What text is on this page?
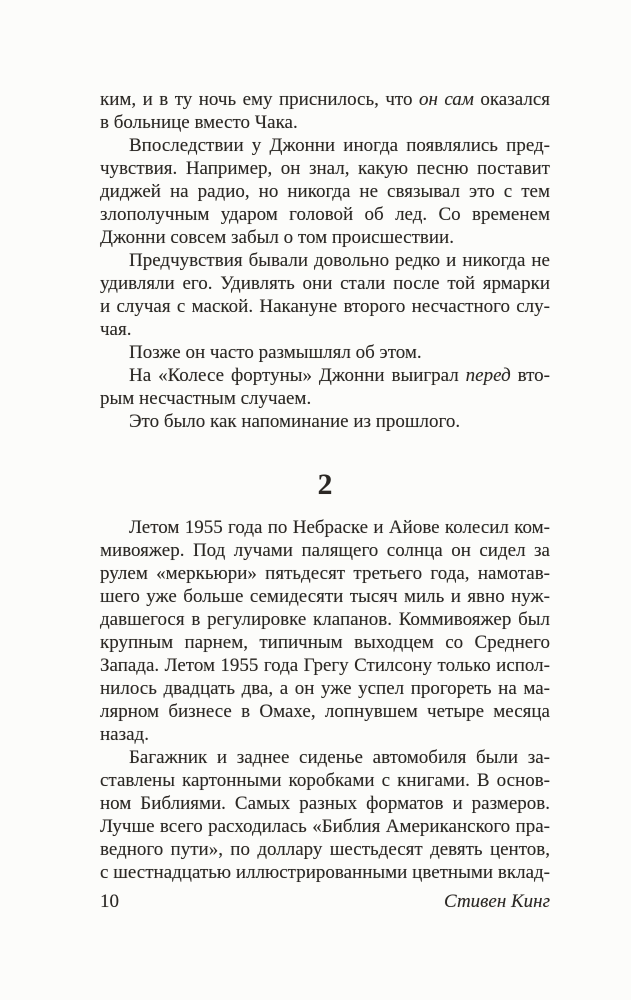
ким, и в ту ночь ему приснилось, что он сам оказался
в больнице вместо Чака.
Впоследствии у Джонни иногда появлялись пред-
чувствия. Например, он знал, какую песню поставит
диджей на радио, но никогда не связывал это с тем
злополучным ударом головой об лед. Со временем
Джонни совсем забыл о том происшествии.
Предчувствия бывали довольно редко и никогда не
удивляли его. Удивлять они стали после той ярмарки
и случая с маской. Накануне второго несчастного слу-
чая.
Позже он часто размышлял об этом.
На «Колесе фортуны» Джонни выиграл перед вто-
рым несчастным случаем.
Это было как напоминание из прошлого.
2
Летом 1955 года по Небраске и Айове колесил ком-
мивояжер. Под лучами палящего солнца он сидел за
рулем «меркьюри» пятьдесят третьего года, намотав-
шего уже больше семидесяти тысяч миль и явно нуж-
давшегося в регулировке клапанов. Коммивояжер был
крупным парнем, типичным выходцем со Среднего
Запада. Летом 1955 года Грегу Стилсону только испол-
нилось двадцать два, а он уже успел прогореть на ма-
лярном бизнесе в Омахе, лопнувшем четыре месяца
назад.
Багажник и заднее сиденье автомобиля были за-
ставлены картонными коробками с книгами. В основ-
ном Библиями. Самых разных форматов и размеров.
Лучше всего расходилась «Библия Американского пра-
ведного пути», по доллару шестьдесят девять центов,
с шестнадцатью иллюстрированными цветными вклад-
10	Стивен Кинг
